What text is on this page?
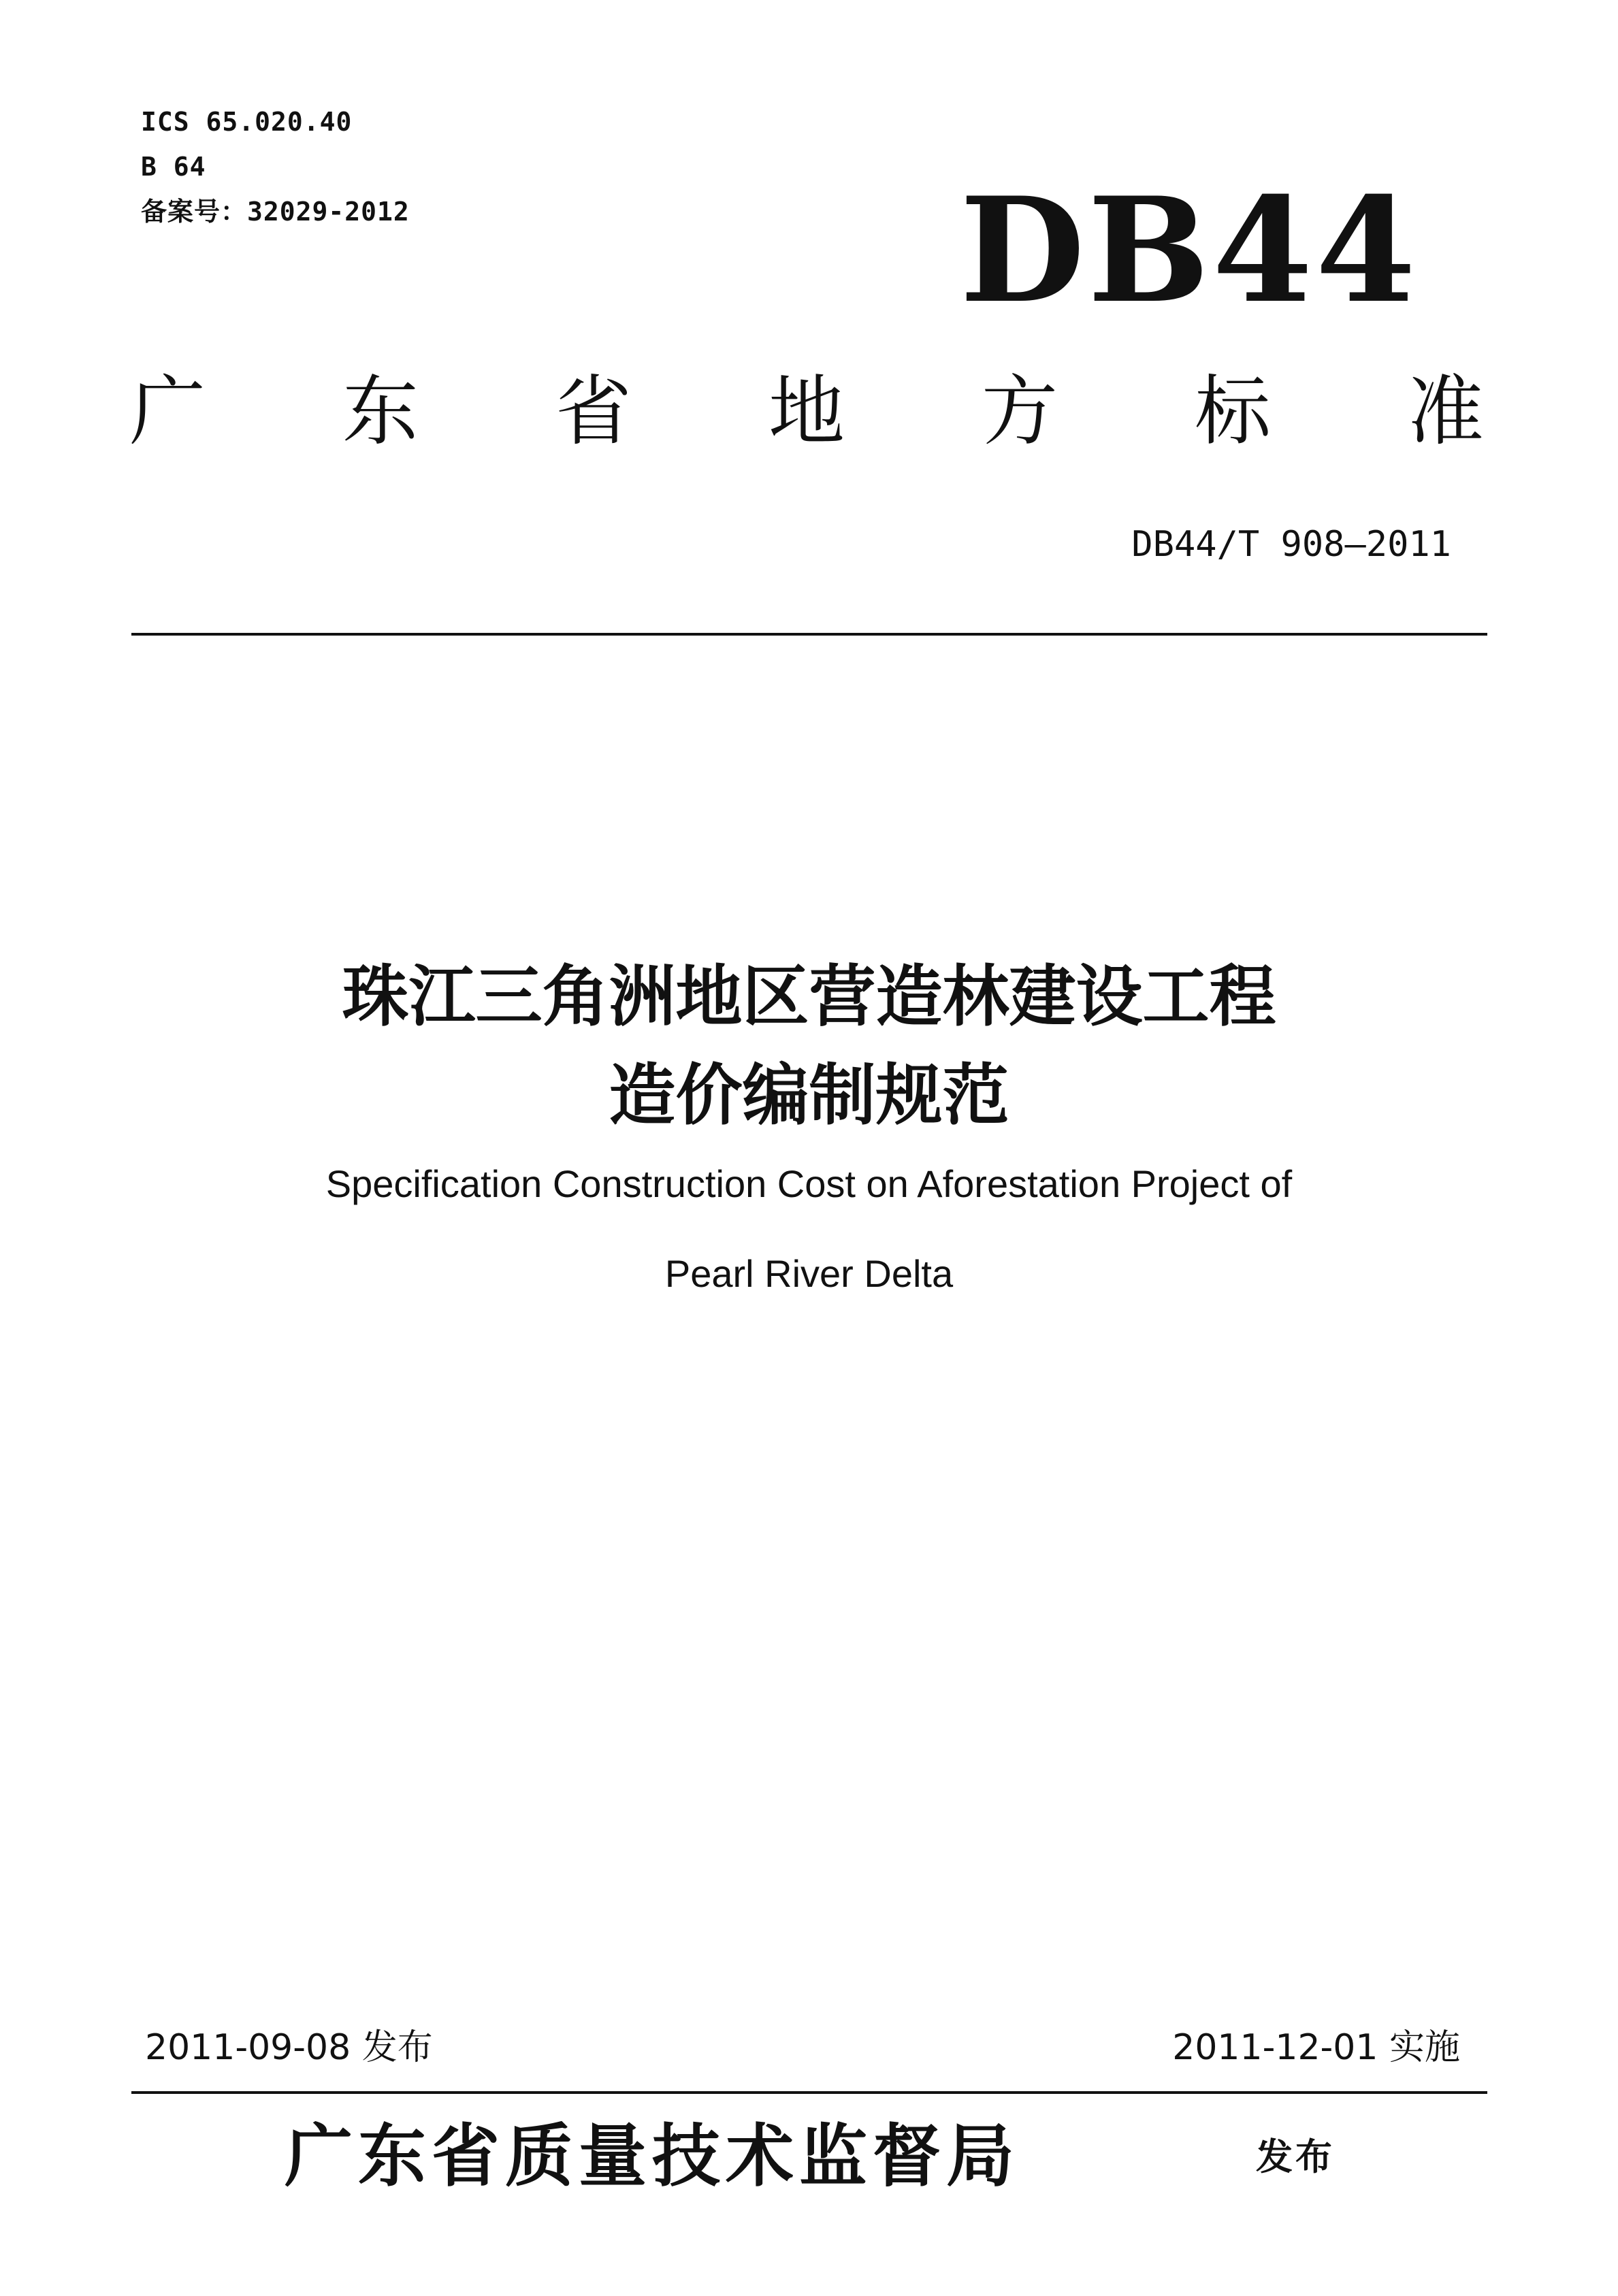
ICS 65.020.40
B 64
备案号：32029-2012	DB44
广 东 省 地 方 标 准
DB44/T 908—2011
珠江三角洲地区营造林建设工程
造价编制规范
Specification Construction Cost on Aforestation Project of
Pearl River Delta
2011-09-08 发布	2011-12-01 实施
广东省质量技术监督局	发布
